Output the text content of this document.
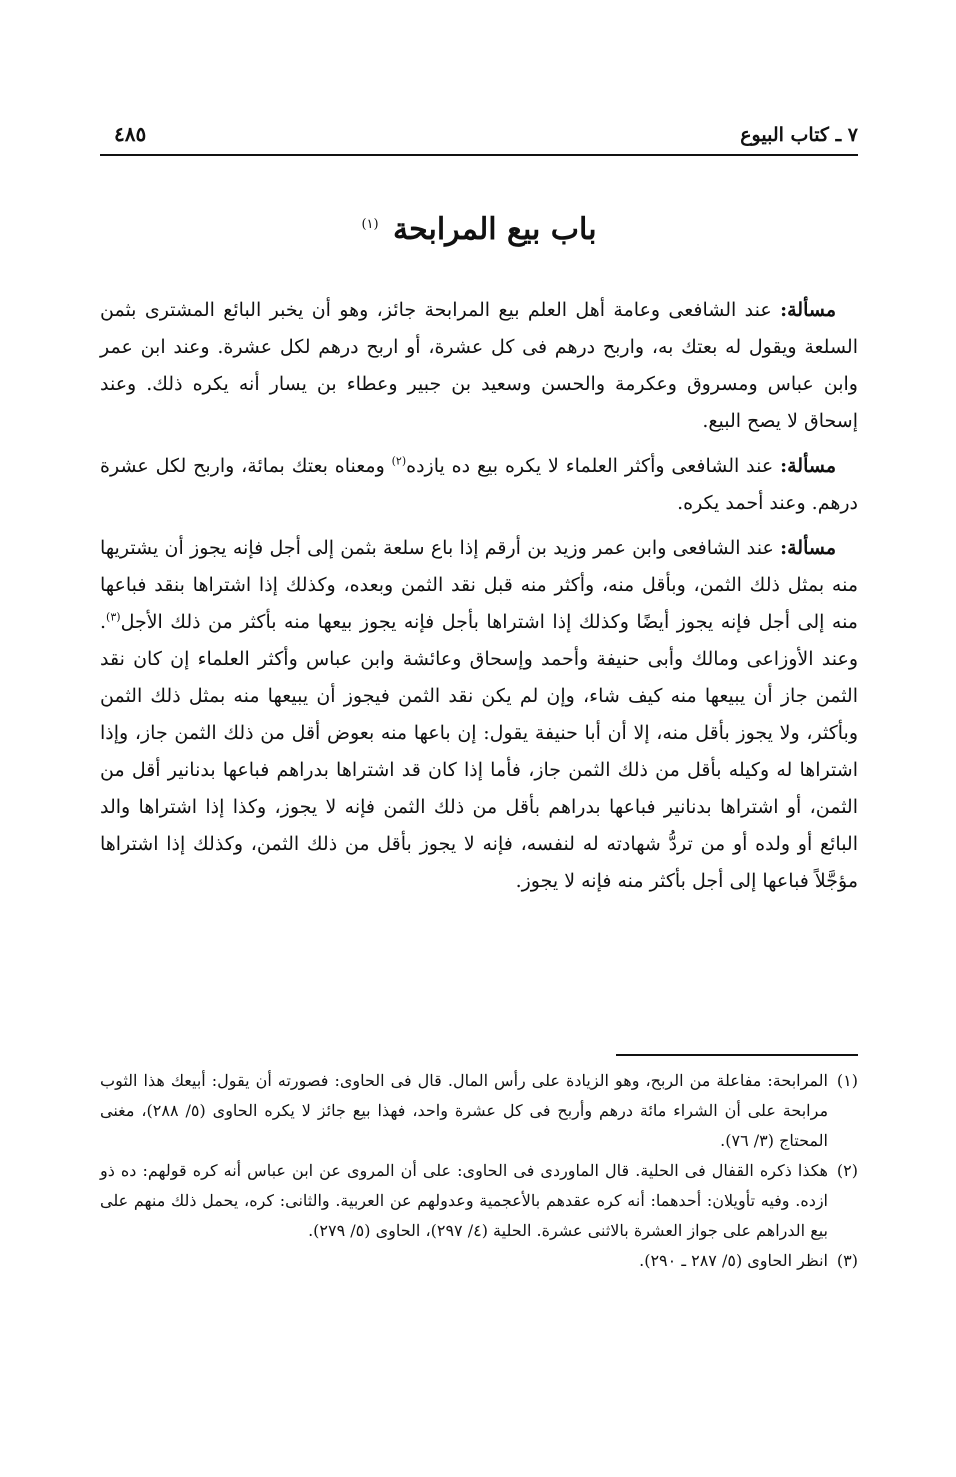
٧ ـ كتاب البيوع
٤٨٥
باب بيع المرابحة $^{(١)}$

مسألة: عند الشافعى وعامة أهل العلم بيع المرابحة جائز، وهو أن يخبر البائع المشترى بثمن السلعة ويقول له بعتك به، واربح درهم فى كل عشرة، أو اربح درهم لكل عشرة. وعند ابن عمر وابن عباس ومسروق وعكرمة والحسن وسعيد بن جبير وعطاء بن يسار أنه يكره ذلك. وعند إسحاق لا يصح البيع.

مسألة: عند الشافعى وأكثر العلماء لا يكره بيع ده يازده$^{(٢)}$ ومعناه بعتك بمائة، واربح لكل عشرة درهم. وعند أحمد يكره.

مسألة: عند الشافعى وابن عمر وزيد بن أرقم إذا باع سلعة بثمن إلى أجل فإنه يجوز أن يشتريها منه بمثل ذلك الثمن، وبأقل منه، وأكثر منه قبل نقد الثمن وبعده، وكذلك إذا اشتراها بنقد فباعها منه إلى أجل فإنه يجوز أيضًا وكذلك إذا اشتراها بأجل فإنه يجوز بيعها منه بأكثر من ذلك الأجل$^{(٣)}$. وعند الأوزاعى ومالك وأبى حنيفة وأحمد وإسحاق وعائشة وابن عباس وأكثر العلماء إن كان نقد الثمن جاز أن يبيعها منه كيف شاء، وإن لم يكن نقد الثمن فيجوز أن يبيعها منه بمثل ذلك الثمن وبأكثر، ولا يجوز بأقل منه، إلا أن أبا حنيفة يقول: إن باعها منه بعوض أقل من ذلك الثمن جاز، وإذا اشتراها له وكيله بأقل من ذلك الثمن جاز، فأما إذا كان قد اشتراها بدراهم فباعها بدنانير أقل من الثمن، أو اشتراها بدنانير فباعها بدراهم بأقل من ذلك الثمن فإنه لا يجوز، وكذا إذا اشتراها والد البائع أو ولده أو من تردُّ شهادته له لنفسه، فإنه لا يجوز بأقل من ذلك الثمن، وكذلك إذا اشتراها مؤجَّلاً فباعها إلى أجل بأكثر منه فإنه لا يجوز.

(١)
المرابحة: مفاعلة من الربح، وهو الزيادة على رأس المال. قال فى الحاوى: فصورته أن يقول: أبيعك هذا الثوب مرابحة على أن الشراء مائة درهم وأربح فى كل عشرة واحد، فهذا بيع جائز لا يكره الحاوى (٥/ ٢٨٨)، مغنى المحتاج (٣/ ٧٦).

(٢)
هكذا ذكره القفال فى الحلية. قال الماوردى فى الحاوى: على أن المروى عن ابن عباس أنه كره قولهم: ده ذو ازده. وفيه تأويلان: أحدهما: أنه كره عقدهم بالأعجمية وعدولهم عن العربية. والثانى: كره، يحمل ذلك منهم على بيع الدراهم على جواز العشرة بالاثنى عشرة. الحلية (٤/ ٢٩٧)، الحاوى (٥/ ٢٧٩).

(٣)
انظر الحاوى (٥/ ٢٨٧ ـ ٢٩٠).
